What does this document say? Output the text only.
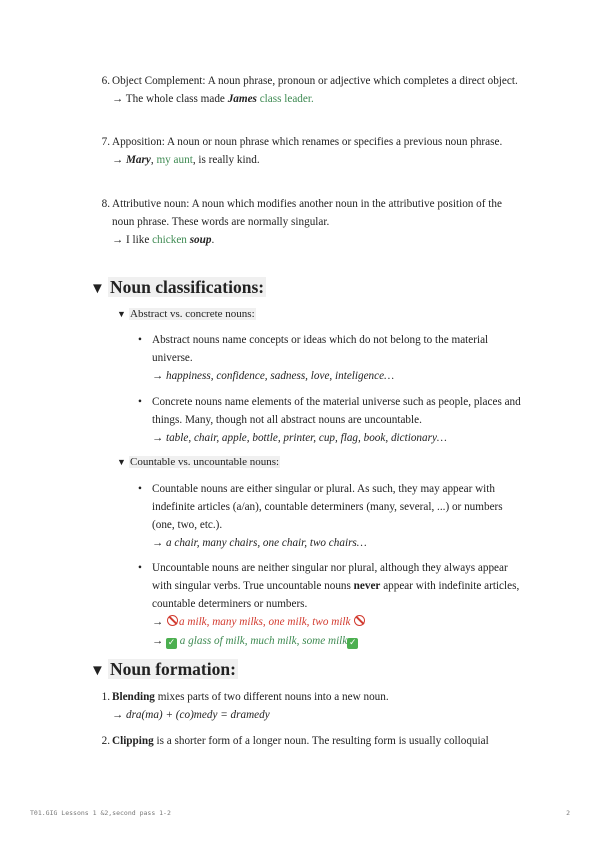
6. Object Complement: A noun phrase, pronoun or adjective which completes a direct object.
→ The whole class made James class leader.
7. Apposition: A noun or noun phrase which renames or specifies a previous noun phrase.
→ Mary, my aunt, is really kind.
8. Attributive noun: A noun which modifies another noun in the attributive position of the noun phrase. These words are normally singular.
→ I like chicken soup.
▼ Noun classifications:
▼ Abstract vs. concrete nouns:
• Abstract nouns name concepts or ideas which do not belong to the material universe.
→ happiness, confidence, sadness, love, inteligence…
• Concrete nouns name elements of the material universe such as people, places and things. Many, though not all abstract nouns are uncountable.
→ table, chair, apple, bottle, printer, cup, flag, book, dictionary…
▼ Countable vs. uncountable nouns:
• Countable nouns are either singular or plural. As such, they may appear with indefinite articles (a/an), countable determiners (many, several, ...) or numbers (one, two, etc.).
→ a chair, many chairs, one chair, two chairs…
• Uncountable nouns are neither singular nor plural, although they always appear with singular verbs. True uncountable nouns never appear with indefinite articles, countable determiners or numbers.
→ a milk, many milks, one milk, two milk
→ ✓ a glass of milk, much milk, some milk ✓
▼ Noun formation:
1. Blending mixes parts of two different nouns into a new noun.
→ dra(ma) + (co)medy = dramedy
2. Clipping is a shorter form of a longer noun. The resulting form is usually colloquial
T01.GIG Lessons 1 &2,second pass 1-2	2
